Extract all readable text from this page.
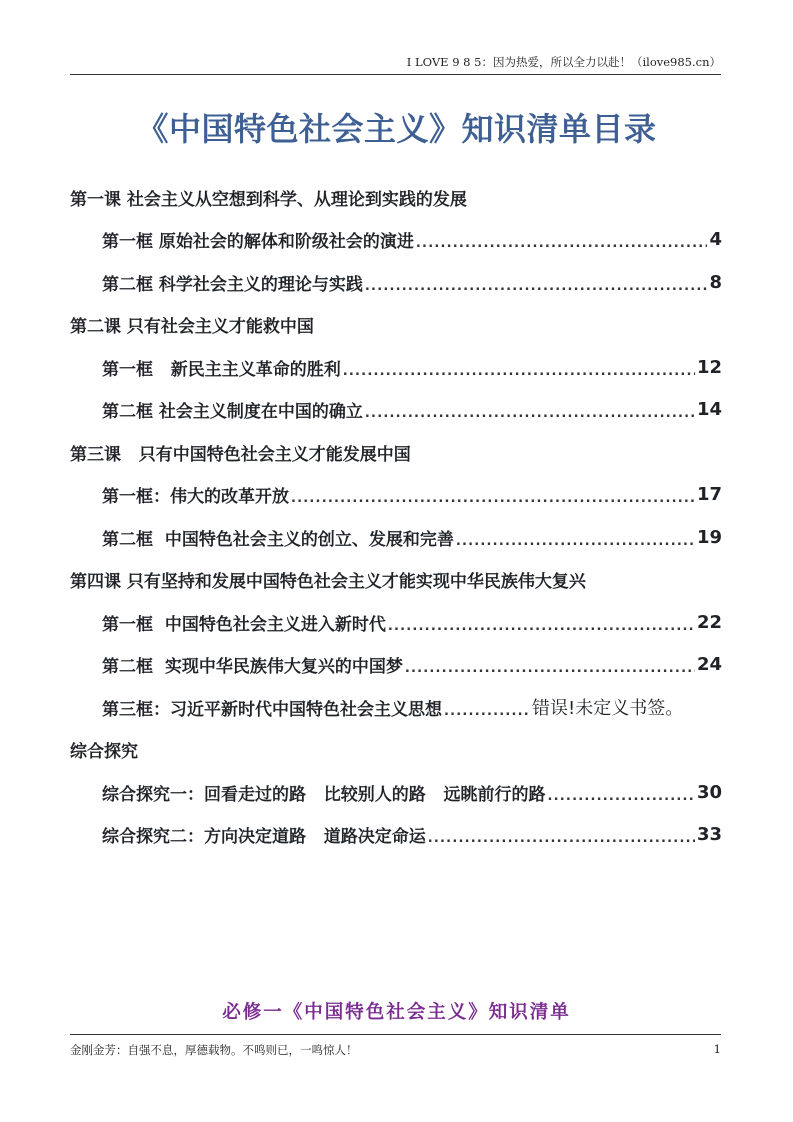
I LOVE 9 8 5：因为热爱，所以全力以赴！（ilove985.cn）
《中国特色社会主义》知识清单目录
第一课 社会主义从空想到科学、从理论到实践的发展
第一框 原始社会的解体和阶级社会的演进 .....	4
第二框 科学社会主义的理论与实践 .....	8
第二课 只有社会主义才能救中国
第一框   新民主主义革命的胜利 .....	12
第二框 社会主义制度在中国的确立 .....	14
第三课   只有中国特色社会主义才能发展中国
第一框：伟大的改革开放 .....	17
第二框  中国特色社会主义的创立、发展和完善 .....	19
第四课 只有坚持和发展中国特色社会主义才能实现中华民族伟大复兴
第一框  中国特色社会主义进入新时代 .....	22
第二框  实现中华民族伟大复兴的中国梦 .....	24
第三框：习近平新时代中国特色社会主义思想 .....	错误!未定义书签。
综合探究
综合探究一：回看走过的路   比较别人的路   远眺前行的路 .....	30
综合探究二：方向决定道路   道路决定命运 .....	33
必修一《中国特色社会主义》知识清单
金刚金芳：自强不息，厚德载物。不鸣则已，一鸣惊人！	1
